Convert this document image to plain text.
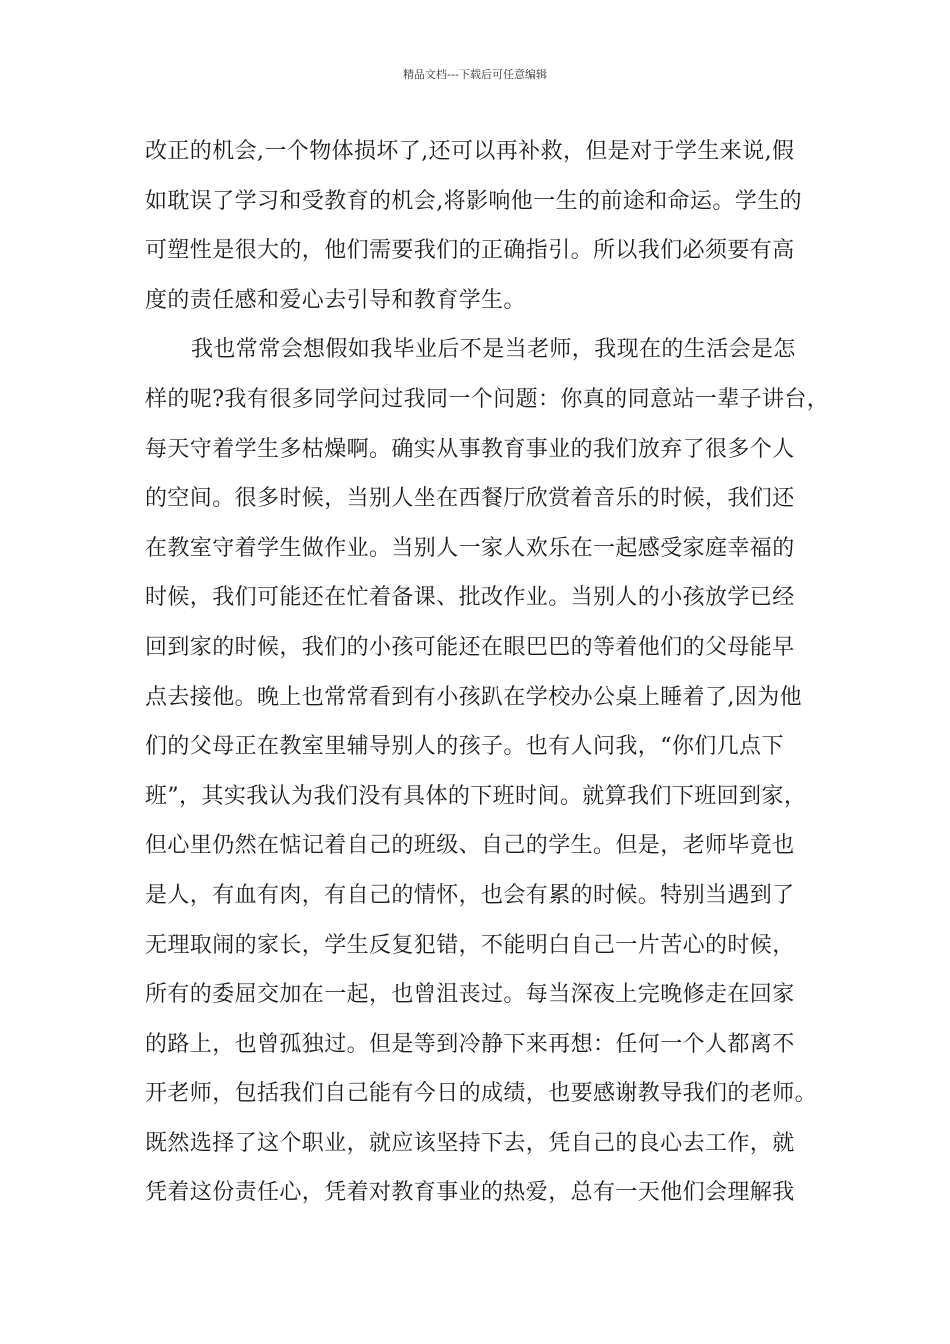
精品文档---下载后可任意编辑
改正的机会,一个物体损坏了,还可以再补救，但是对于学生来说,假
如耽误了学习和受教育的机会,将影响他一生的前途和命运。学生的
可塑性是很大的，他们需要我们的正确指引。所以我们必须要有高
度的责任感和爱心去引导和教育学生。
我也常常会想假如我毕业后不是当老师，我现在的生活会是怎
样的呢?我有很多同学问过我同一个问题：你真的同意站一辈子讲台，
每天守着学生多枯燥啊。确实从事教育事业的我们放弃了很多个人
的空间。很多时候，当别人坐在西餐厅欣赏着音乐的时候，我们还
在教室守着学生做作业。当别人一家人欢乐在一起感受家庭幸福的
时候，我们可能还在忙着备课、批改作业。当别人的小孩放学已经
回到家的时候，我们的小孩可能还在眼巴巴的等着他们的父母能早
点去接他。晚上也常常看到有小孩趴在学校办公桌上睡着了,因为他
们的父母正在教室里辅导别人的孩子。也有人问我，“你们几点下
班”，其实我认为我们没有具体的下班时间。就算我们下班回到家，
但心里仍然在惦记着自己的班级、自己的学生。但是，老师毕竟也
是人，有血有肉，有自己的情怀，也会有累的时候。特别当遇到了
无理取闹的家长，学生反复犯错，不能明白自己一片苦心的时候，
所有的委屈交加在一起，也曾沮丧过。每当深夜上完晚修走在回家
的路上，也曾孤独过。但是等到冷静下来再想：任何一个人都离不
开老师，包括我们自己能有今日的成绩，也要感谢教导我们的老师。
既然选择了这个职业，就应该坚持下去，凭自己的良心去工作，就
凭着这份责任心，凭着对教育事业的热爱，总有一天他们会理解我
